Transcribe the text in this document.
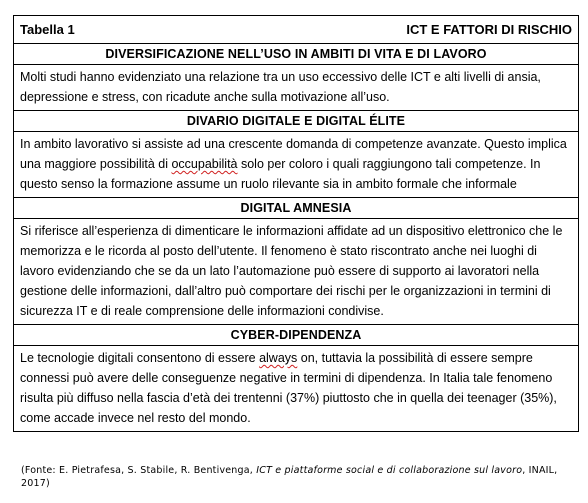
Tabella 1	ICT E FATTORI DI RISCHIO
DIVERSIFICAZIONE NELL’USO IN AMBITI DI VITA E DI LAVORO
Molti studi hanno evidenziato una relazione tra un uso eccessivo delle ICT e alti livelli di ansia, depressione e stress, con ricadute anche sulla motivazione all’uso.
DIVARIO DIGITALE E DIGITAL ÉLITE
In ambito lavorativo si assiste ad una crescente domanda di competenze avanzate. Questo implica una maggiore possibilità di occupabilità solo per coloro i quali raggiungono tali competenze. In questo senso la formazione assume un ruolo rilevante sia in ambito formale che informale
DIGITAL AMNESIA
Si riferisce all’esperienza di dimenticare le informazioni affidate ad un dispositivo elettronico che le memorizza e le ricorda al posto dell’utente. Il fenomeno è stato riscontrato anche nei luoghi di lavoro evidenziando che se da un lato l’automazione può essere di supporto ai lavoratori nella gestione delle informazioni, dall’altro può comportare dei rischi per le organizzazioni in termini di sicurezza IT e di reale comprensione delle informazioni condivise.
CYBER-DIPENDENZA
Le tecnologie digitali consentono di essere always on, tuttavia la possibilità di essere sempre connessi può avere delle conseguenze negative in termini di dipendenza. In Italia tale fenomeno risulta più diffuso nella fascia d’età dei trentenni (37%) piuttosto che in quella dei teenager (35%), come accade invece nel resto del mondo.
(Fonte: E. Pietrafesa, S. Stabile, R. Bentivenga, ICT e piattaforme social e di collaborazione sul lavoro, INAIL, 2017)
